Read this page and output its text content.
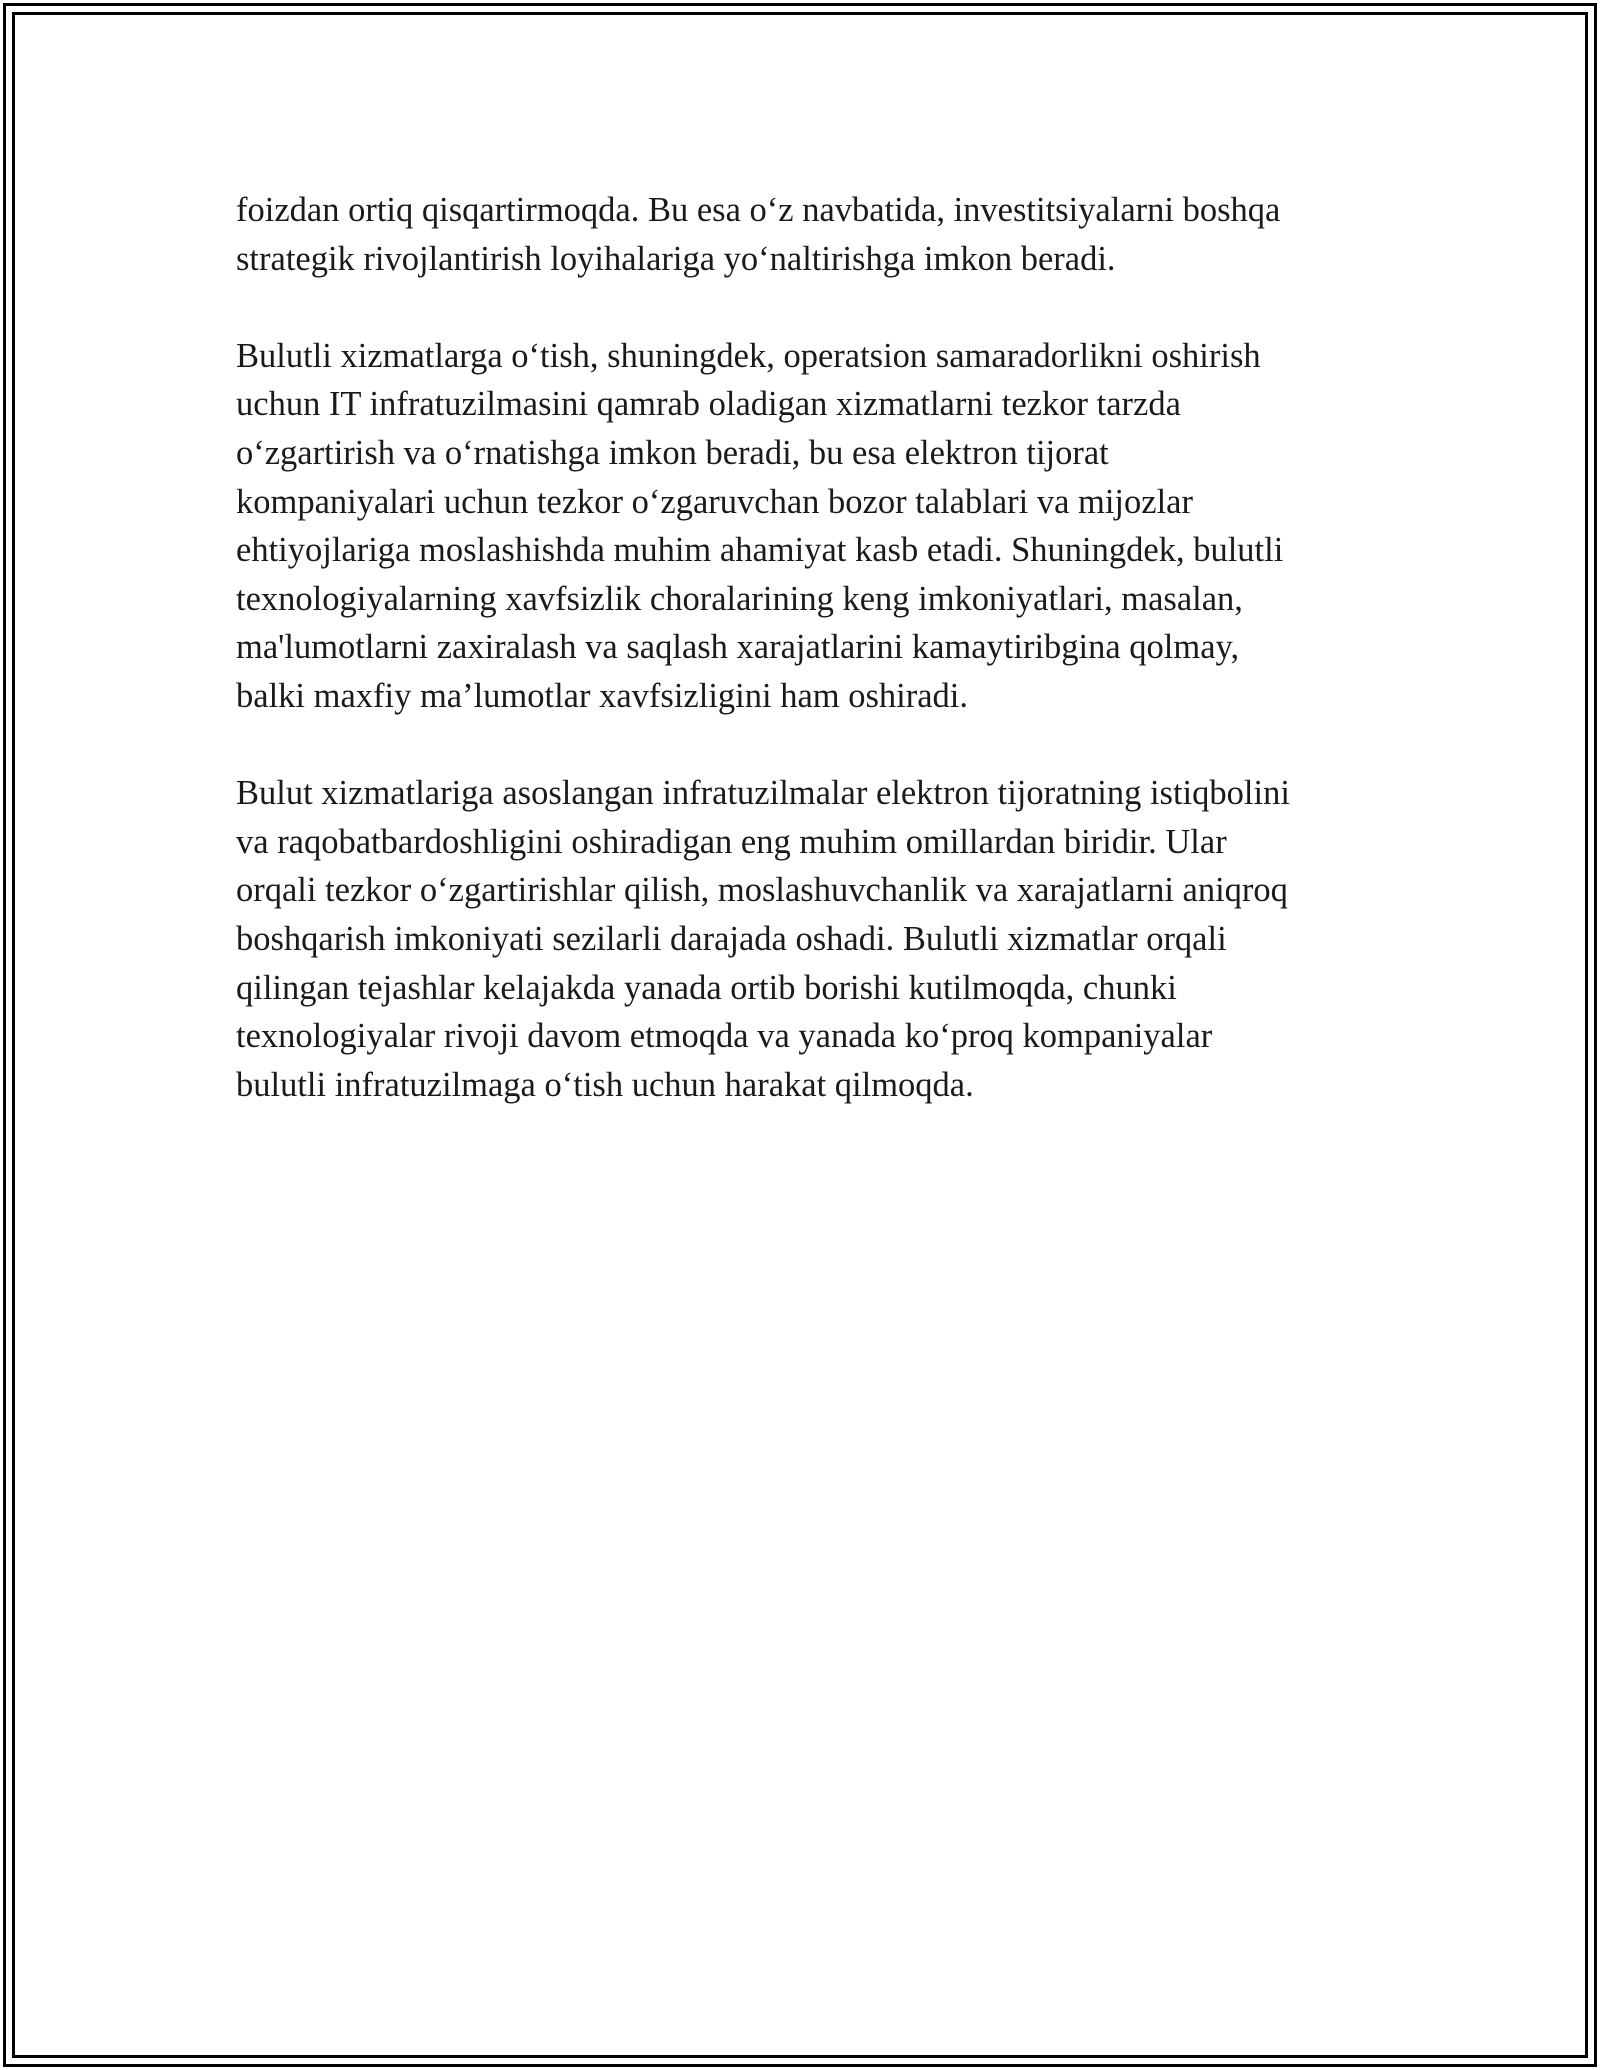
foizdan ortiq qisqartirmoqda. Bu esa o‘z navbatida, investitsiyalarni boshqa
strategik rivojlantirish loyihalariga yo‘naltirishga imkon beradi.

Bulutli xizmatlarga o‘tish, shuningdek, operatsion samaradorlikni oshirish
uchun IT infratuzilmasini qamrab oladigan xizmatlarni tezkor tarzda
o‘zgartirish va o‘rnatishga imkon beradi, bu esa elektron tijorat
kompaniyalari uchun tezkor o‘zgaruvchan bozor talablari va mijozlar
ehtiyojlariga moslashishda muhim ahamiyat kasb etadi. Shuningdek, bulutli
texnologiyalarning xavfsizlik choralarining keng imkoniyatlari, masalan,
ma'lumotlarni zaxiralash va saqlash xarajatlarini kamaytiribgina qolmay,
balki maxfiy ma’lumotlar xavfsizligini ham oshiradi.

Bulut xizmatlariga asoslangan infratuzilmalar elektron tijoratning istiqbolini
va raqobatbardoshligini oshiradigan eng muhim omillardan biridir. Ular
orqali tezkor o‘zgartirishlar qilish, moslashuvchanlik va xarajatlarni aniqroq
boshqarish imkoniyati sezilarli darajada oshadi. Bulutli xizmatlar orqali
qilingan tejashlar kelajakda yanada ortib borishi kutilmoqda, chunki
texnologiyalar rivoji davom etmoqda va yanada ko‘proq kompaniyalar
bulutli infratuzilmaga o‘tish uchun harakat qilmoqda.
